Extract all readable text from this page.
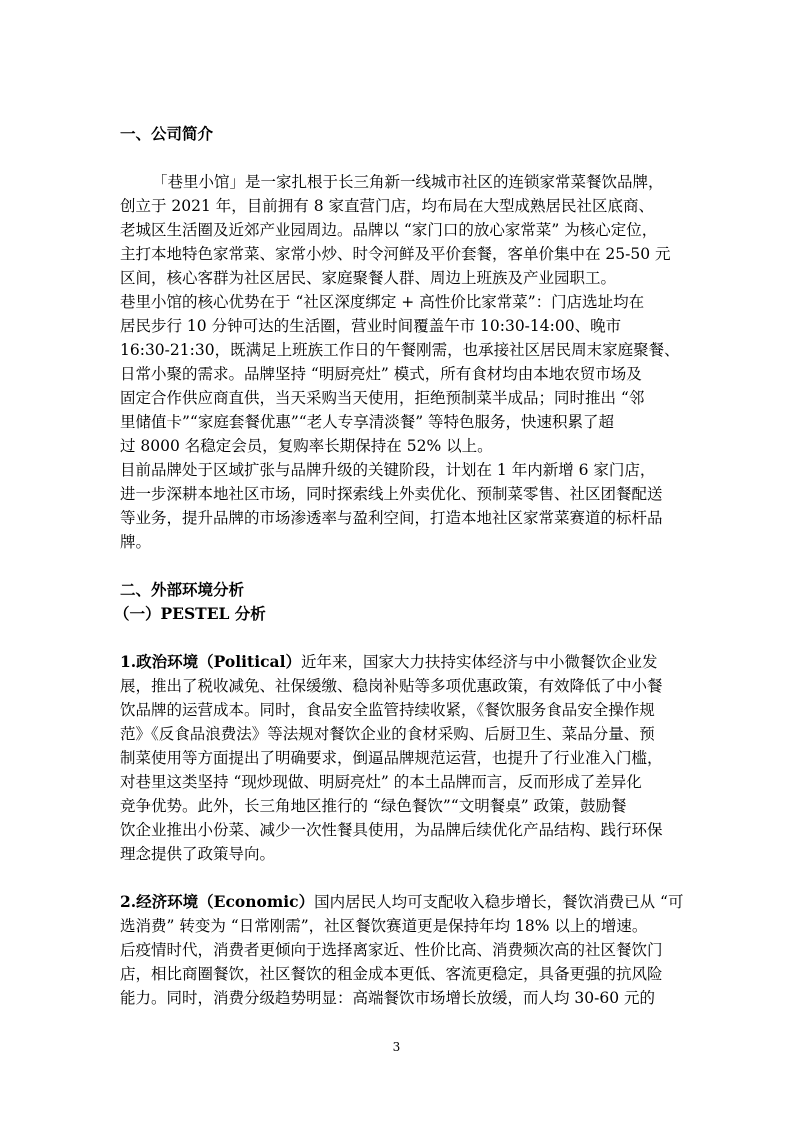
一、公司简介
「巷里小馆」是一家扎根于长三角新一线城市社区的连锁家常菜餐饮品牌，
创立于 2021 年，目前拥有 8 家直营门店，均布局在大型成熟居民社区底商、
老城区生活圈及近郊产业园周边。品牌以 “家门口的放心家常菜” 为核心定位，
主打本地特色家常菜、家常小炒、时令河鲜及平价套餐，客单价集中在 25-50 元
区间，核心客群为社区居民、家庭聚餐人群、周边上班族及产业园职工。
巷里小馆的核心优势在于 “社区深度绑定 + 高性价比家常菜”：门店选址均在
居民步行 10 分钟可达的生活圈，营业时间覆盖午市 10:30-14:00、晚市
16:30-21:30，既满足上班族工作日的午餐刚需，也承接社区居民周末家庭聚餐、
日常小聚的需求。品牌坚持 “明厨亮灶” 模式，所有食材均由本地农贸市场及
固定合作供应商直供，当天采购当天使用，拒绝预制菜半成品；同时推出 “邻
里储值卡”“家庭套餐优惠”“老人专享清淡餐” 等特色服务，快速积累了超
过 8000 名稳定会员，复购率长期保持在 52% 以上。
目前品牌处于区域扩张与品牌升级的关键阶段，计划在 1 年内新增 6 家门店，
进一步深耕本地社区市场，同时探索线上外卖优化、预制菜零售、社区团餐配送
等业务，提升品牌的市场渗透率与盈利空间，打造本地社区家常菜赛道的标杆品
牌。
二、外部环境分析
（一）PESTEL 分析
1.政治环境（Political）近年来，国家大力扶持实体经济与中小微餐饮企业发
展，推出了税收减免、社保缓缴、稳岗补贴等多项优惠政策，有效降低了中小餐
饮品牌的运营成本。同时，食品安全监管持续收紧，《餐饮服务食品安全操作规
范》《反食品浪费法》等法规对餐饮企业的食材采购、后厨卫生、菜品分量、预
制菜使用等方面提出了明确要求，倒逼品牌规范运营，也提升了行业准入门槛，
对巷里这类坚持 “现炒现做、明厨亮灶” 的本土品牌而言，反而形成了差异化
竞争优势。此外，长三角地区推行的 “绿色餐饮”“文明餐桌” 政策，鼓励餐
饮企业推出小份菜、减少一次性餐具使用，为品牌后续优化产品结构、践行环保
理念提供了政策导向。
2.经济环境（Economic）国内居民人均可支配收入稳步增长，餐饮消费已从 “可
选消费” 转变为 “日常刚需”，社区餐饮赛道更是保持年均 18% 以上的增速。
后疫情时代，消费者更倾向于选择离家近、性价比高、消费频次高的社区餐饮门
店，相比商圈餐饮，社区餐饮的租金成本更低、客流更稳定，具备更强的抗风险
能力。同时，消费分级趋势明显：高端餐饮市场增长放缓，而人均 30-60 元的
3
